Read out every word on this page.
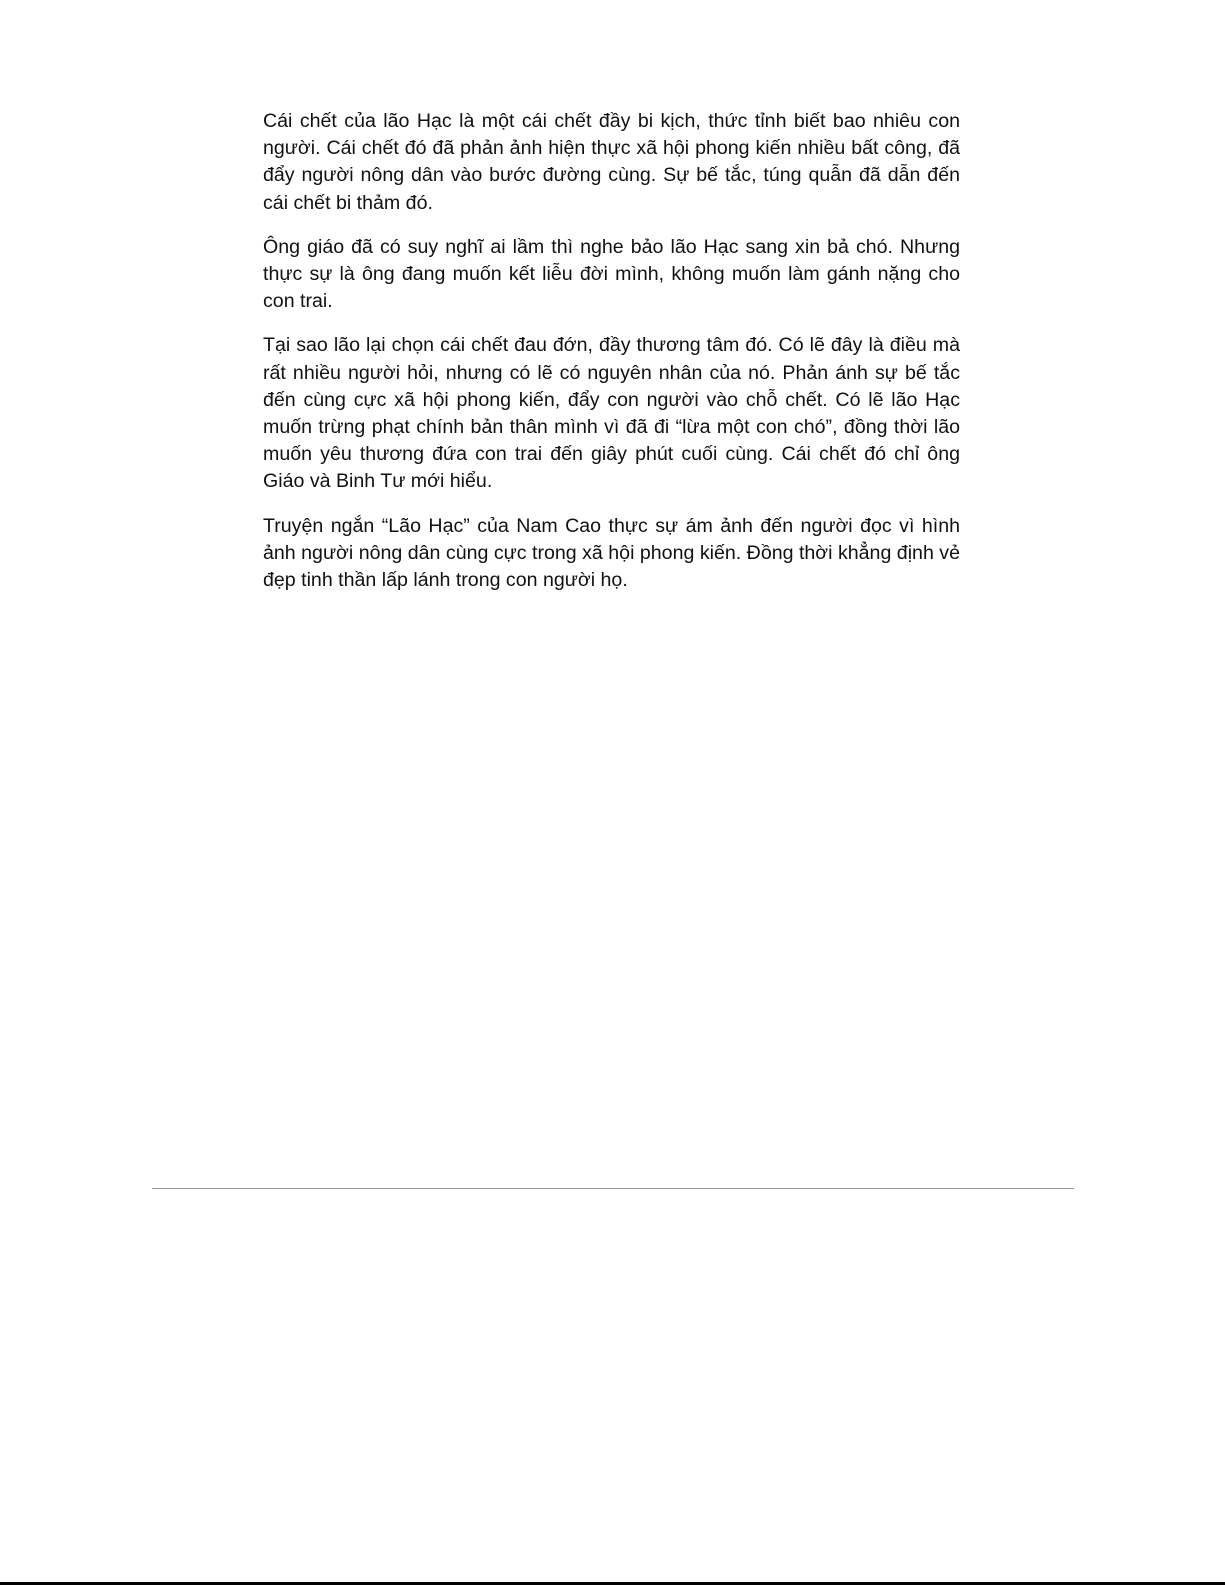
Cái chết của lão Hạc là một cái chết đầy bi kịch, thức tỉnh biết bao nhiêu con người. Cái chết đó đã phản ảnh hiện thực xã hội phong kiến nhiều bất công, đã đẩy người nông dân vào bước đường cùng. Sự bế tắc, túng quẫn đã dẫn đến cái chết bi thảm đó.

Ông giáo đã có suy nghĩ ai lầm thì nghe bảo lão Hạc sang xin bả chó. Nhưng thực sự là ông đang muốn kết liễu đời mình, không muốn làm gánh nặng cho con trai.

Tại sao lão lại chọn cái chết đau đớn, đầy thương tâm đó. Có lẽ đây là điều mà rất nhiều người hỏi, nhưng có lẽ có nguyên nhân của nó. Phản ánh sự bế tắc đến cùng cực xã hội phong kiến, đẩy con người vào chỗ chết. Có lẽ lão Hạc muốn trừng phạt chính bản thân mình vì đã đi “lừa một con chó”, đồng thời lão muốn yêu thương đứa con trai đến giây phút cuối cùng. Cái chết đó chỉ ông Giáo và Binh Tư mới hiểu.

Truyện ngắn “Lão Hạc” của Nam Cao thực sự ám ảnh đến người đọc vì hình ảnh người nông dân cùng cực trong xã hội phong kiến. Đồng thời khẳng định vẻ đẹp tinh thần lấp lánh trong con người họ.
